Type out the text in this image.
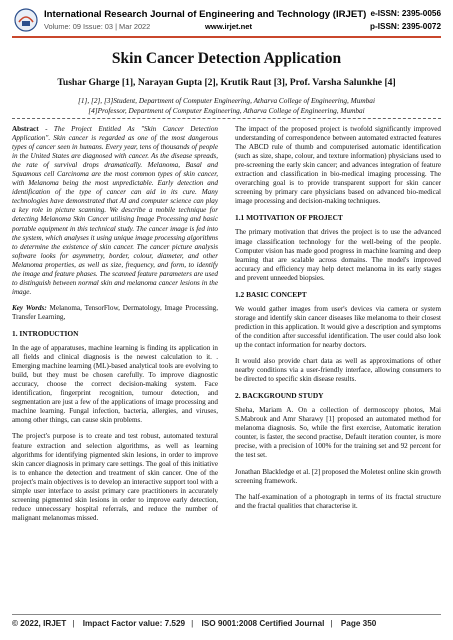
International Research Journal of Engineering and Technology (IRJET)
Volume: 09 Issue: 03 | Mar 2022	www.irjet.net
e-ISSN: 2395-0056
p-ISSN: 2395-0072
Skin Cancer Detection Application
Tushar Gharge [1], Narayan Gupta [2], Krutik Raut [3], Prof. Varsha Salunkhe [4]
[1], [2], [3]Student, Department of Computer Engineering, Atharva College of Engineering, Mumbai
[4]Professor, Department of Computer Engineering, Atharva College of Engineering, Mumbai

Abstract - The Project Entitled As "Skin Cancer Detection Application". Skin cancer is regarded as one of the most dangerous types of cancer seen in humans. Every year, tens of thousands of people in the United States are diagnosed with cancer. As the disease spreads, the rate of survival drops dramatically. Melanoma, Basal and Squamous cell Carcinoma are the most common types of skin cancer, with Melanoma being the most unpredictable. Early detection and identification of the type of cancer can aid in its cure. Many technologies have demonstrated that AI and computer science can play a key role in picture scanning. We describe a mobile technique for detecting Melanoma Skin Cancer utilising Image Processing and basic portable equipment in this technical study. The cancer image is fed into the system, which analyses it using unique image processing algorithms to determine the existence of skin cancer. The cancer picture analysis software looks for asymmetry, border, colour, diameter, and other Melanoma properties, as well as size, frequency, and form, to identify the image and feature phases. The scanned feature parameters are used to distinguish between normal skin and melanoma cancer lesions in the image.

Key Words: Melanoma, TensorFlow, Dermatology, Image Processing, Transfer Learning,

1. INTRODUCTION

In the age of apparatuses, machine learning is finding its application in all fields and clinical diagnosis is the newest calculation to it. . Emerging machine learning (ML)-based analytical tools are evolving to build, but they must be chosen carefully. To improve diagnostic accuracy, choose the correct decision-making system. Face identification, fingerprint recognition, tumour detection, and segmentation are just a few of the applications of image processing and machine learning. Fungal infection, bacteria, allergies, and viruses, among other things, can cause skin problems.

The project's purpose is to create and test robust, automated textural feature extraction and selection algorithms, as well as learning algorithms for identifying pigmented skin lesions, in order to improve skin cancer diagnosis in primary care settings. The goal of this initiative is to enhance the detection and treatment of skin cancer. One of the project's main objectives is to develop an interactive support tool with a simple user interface to assist primary care practitioners in accurately screening pigmented skin lesions in order to improve early detection, reduce unnecessary hospital referrals, and reduce the number of malignant melanomas missed.

The impact of the proposed project is twofold significantly improved understanding of correspondence between automated extracted features The ABCD rule of thumb and computerised automatic identification (such as size, shape, colour, and texture information) physicians used to pre-screening the early skin cancer; and advances integration of feature extraction and classification in bio-medical imaging processing. The overarching goal is to provide transparent support for skin cancer screening by primary care physicians based on advanced bio-medical image processing and decision-making techniques.

1.1 MOTIVATION OF PROJECT

The primary motivation that drives the project is to use the advanced image classification technology for the well-being of the people. Computer vision has made good progress in machine learning and deep learning that are scalable across domains. The model's improved accuracy and efficiency may help detect melanoma in its early stages and prevent unneeded biopsies.

1.2 BASIC CONCEPT

We would gather images from user's devices via camera or system storage and identify skin cancer diseases like melanoma to their closest prediction in this application. It would give a description and symptoms of the condition after successful identification. The user could also look up the contact information for nearby doctors.

It would also provide chart data as well as approximations of other nearby conditions via a user-friendly interface, allowing consumers to be directed to specific skin disease results.

2. BACKGROUND STUDY

Sheha, Mariam A. On a collection of dermoscopy photos, Mai S.Mabrouk and Amr Sharawy [1] proposed an automated method for melanoma diagnosis. So, while the first exercise, Automatic iteration counter, is faster, the second practise, Default iteration counter, is more precise, with a precision of 100% for the training set and 92 percent for the test set.

Jonathan Blackledge et al. [2] proposed the Moletest online skin growth screening framework.

The half-examination of a photograph in terms of its fractal structure and the fractal qualities that characterise it.

© 2022, IRJET | Impact Factor value: 7.529 | ISO 9001:2008 Certified Journal | Page 350
